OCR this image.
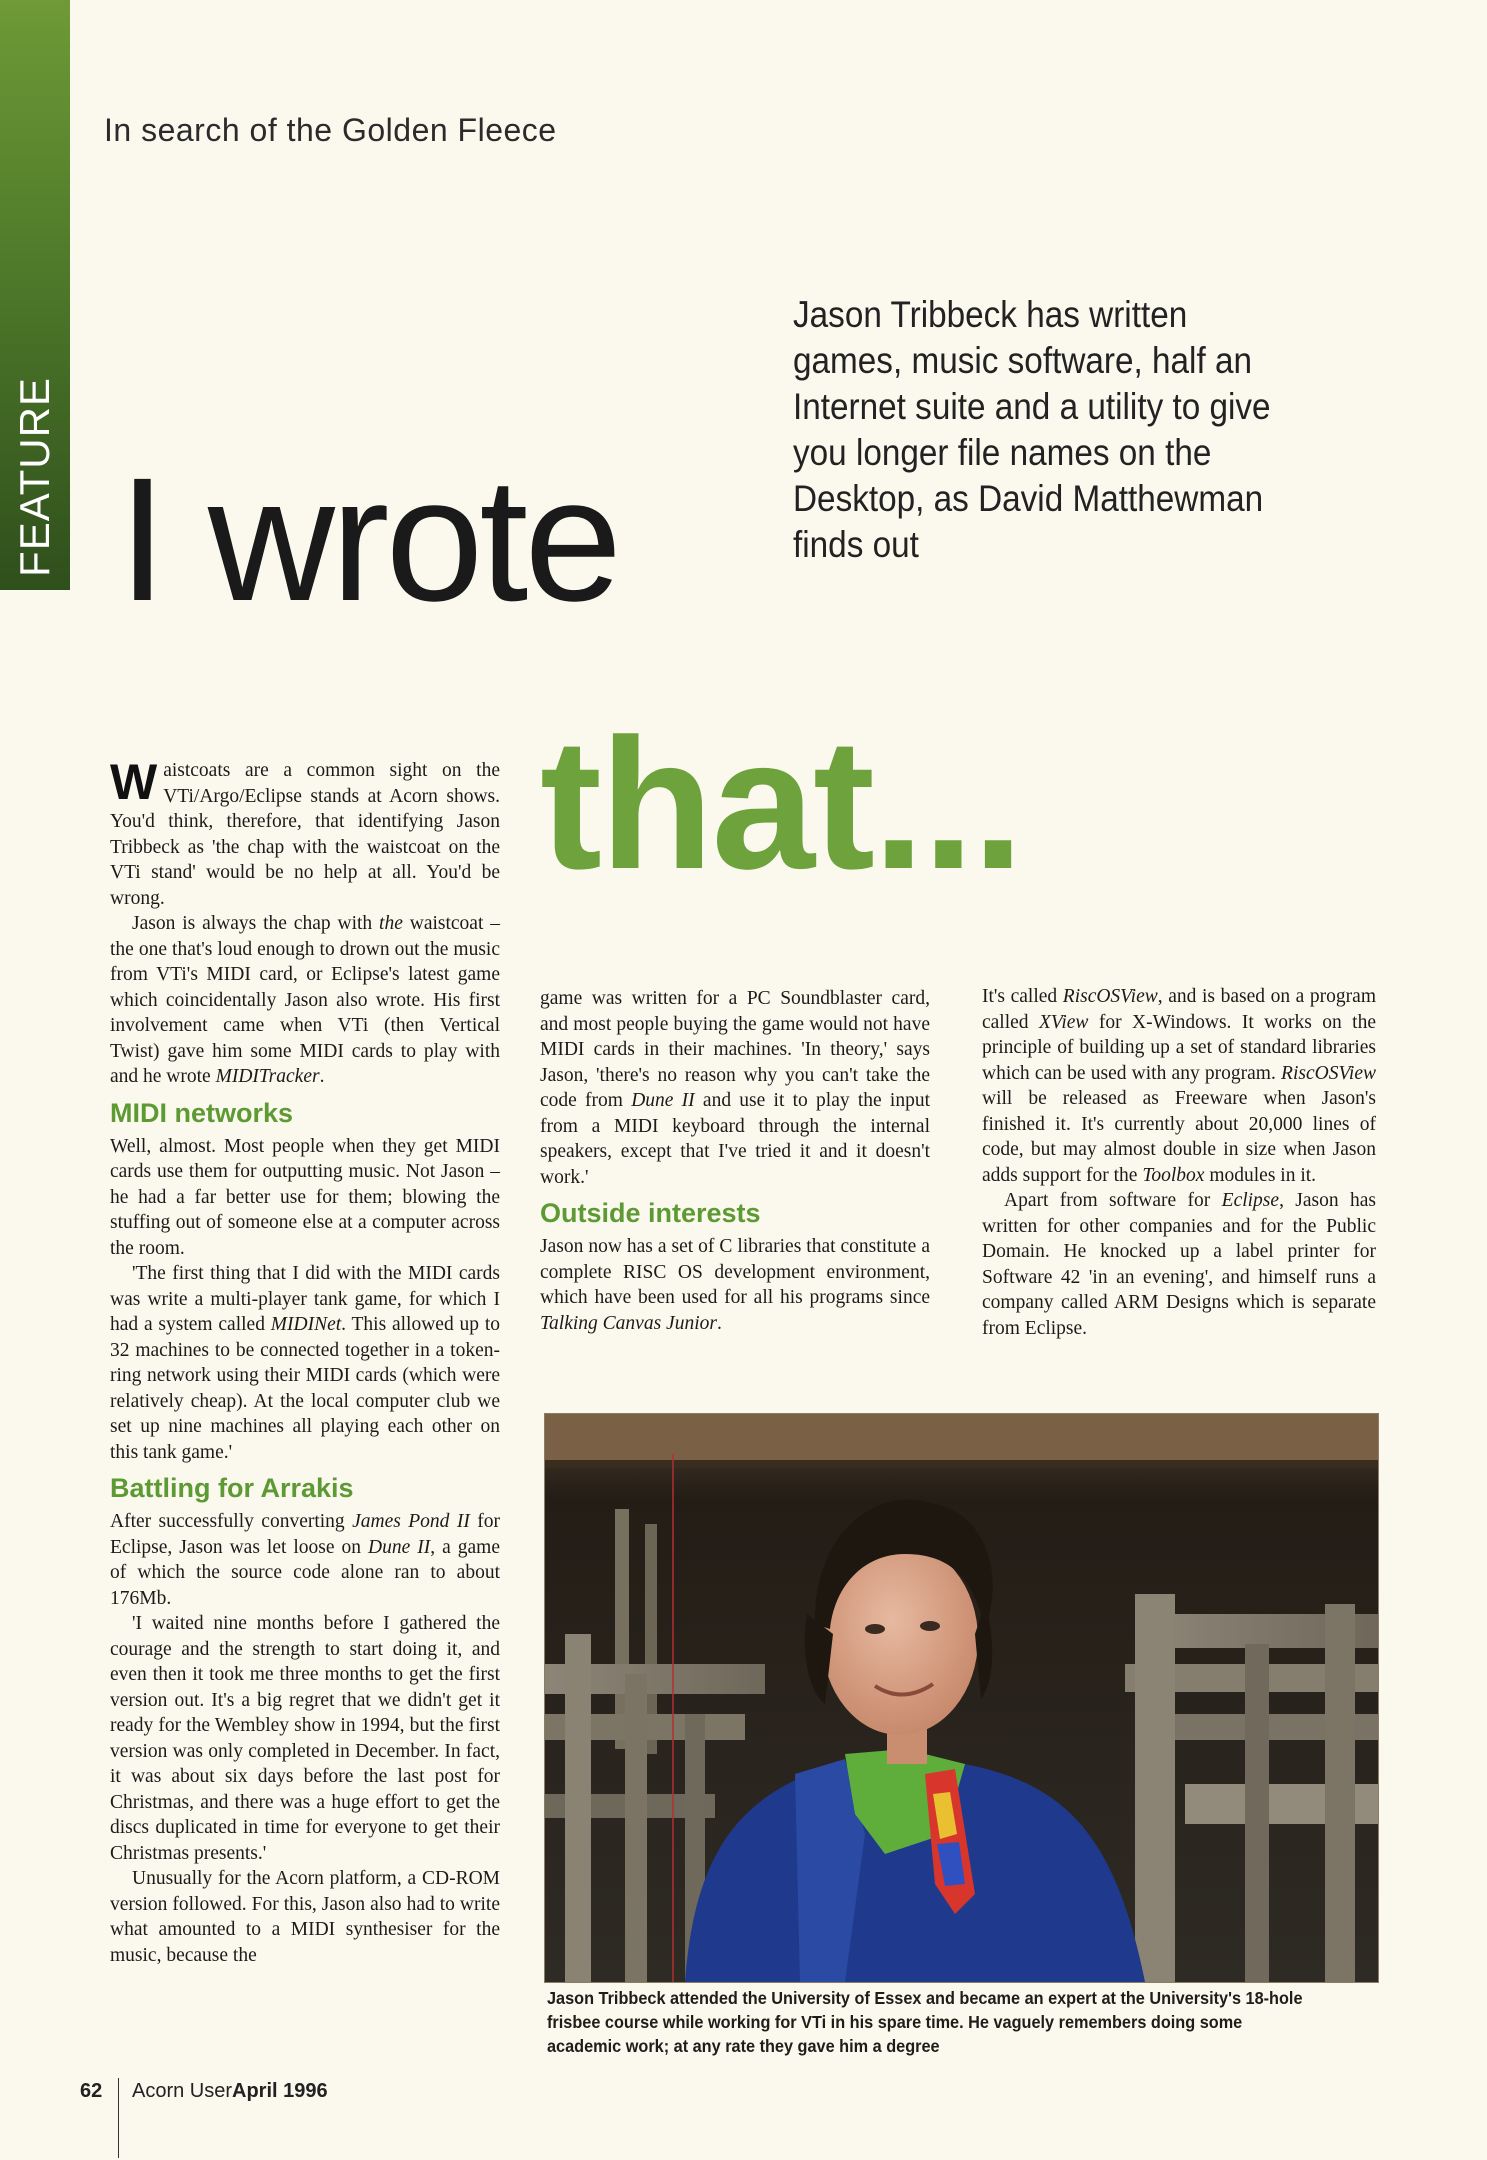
FEATURE
In search of the Golden Fleece
Jason Tribbeck has written games, music software, half an Internet suite and a utility to give you longer file names on the Desktop, as David Matthewman finds out
I wrote
that...

Waistcoats are a common sight on the VTi/Argo/Eclipse stands at Acorn shows. You'd think, therefore, that identifying Jason Tribbeck as 'the chap with the waistcoat on the VTi stand' would be no help at all. You'd be wrong.

Jason is always the chap with the waistcoat – the one that's loud enough to drown out the music from VTi's MIDI card, or Eclipse's latest game which coincidentally Jason also wrote. His first involvement came when VTi (then Vertical Twist) gave him some MIDI cards to play with and he wrote MIDITracker.

MIDI networks

Well, almost. Most people when they get MIDI cards use them for outputting music. Not Jason – he had a far better use for them; blowing the stuffing out of someone else at a computer across the room.

'The first thing that I did with the MIDI cards was write a multi-player tank game, for which I had a system called MIDINet. This allowed up to 32 machines to be connected together in a token-ring network using their MIDI cards (which were relatively cheap). At the local computer club we set up nine machines all playing each other on this tank game.'

Battling for Arrakis

After successfully converting James Pond II for Eclipse, Jason was let loose on Dune II, a game of which the source code alone ran to about 176Mb.

'I waited nine months before I gathered the courage and the strength to start doing it, and even then it took me three months to get the first version out. It's a big regret that we didn't get it ready for the Wembley show in 1994, but the first version was only completed in December. In fact, it was about six days before the last post for Christmas, and there was a huge effort to get the discs duplicated in time for everyone to get their Christmas presents.'

Unusually for the Acorn platform, a CD-ROM version followed. For this, Jason also had to write what amounted to a MIDI synthesiser for the music, because the

game was written for a PC Soundblaster card, and most people buying the game would not have MIDI cards in their machines. 'In theory,' says Jason, 'there's no reason why you can't take the code from Dune II and use it to play the input from a MIDI keyboard through the internal speakers, except that I've tried it and it doesn't work.'

Outside interests

Jason now has a set of C libraries that constitute a complete RISC OS development environment, which have been used for all his programs since Talking Canvas Junior.

It's called RiscOSView, and is based on a program called XView for X-Windows. It works on the principle of building up a set of standard libraries which can be used with any program. RiscOSView will be released as Freeware when Jason's finished it. It's currently about 20,000 lines of code, but may almost double in size when Jason adds support for the Toolbox modules in it.

Apart from software for Eclipse, Jason has written for other companies and for the Public Domain. He knocked up a label printer for Software 42 'in an evening', and himself runs a company called ARM Designs which is separate from Eclipse.

Jason Tribbeck attended the University of Essex and became an expert at the University's 18-hole frisbee course while working for VTi in his spare time. He vaguely remembers doing some academic work; at any rate they gave him a degree
62 Acorn User April 1996
